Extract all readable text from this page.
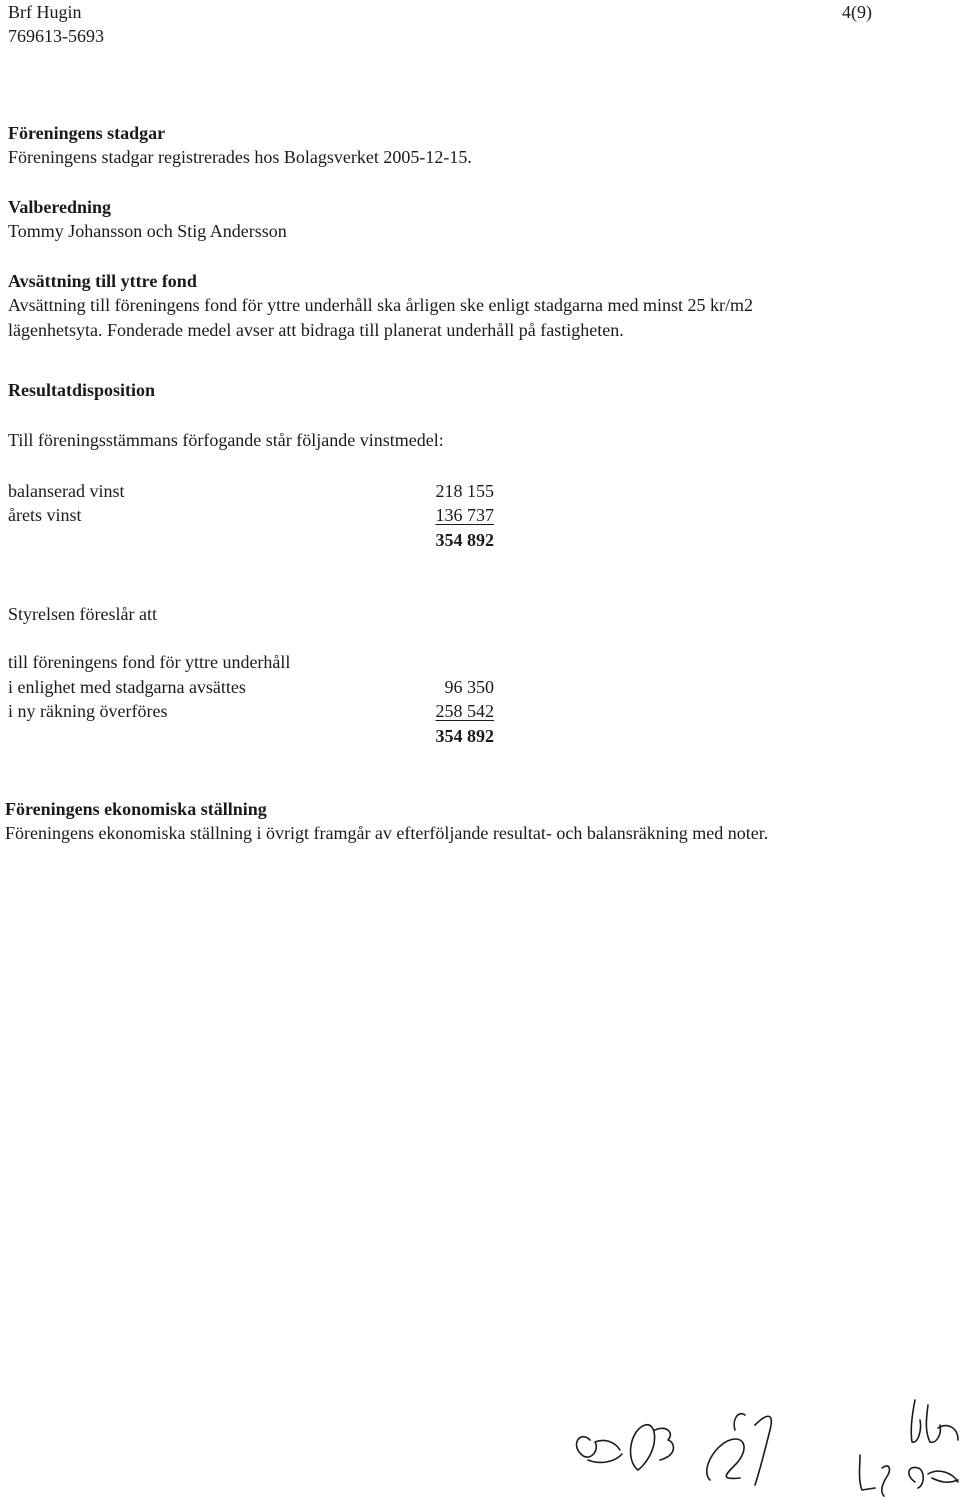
Brf Hugin
769613-5693
4(9)
Föreningens stadgar
Föreningens stadgar registrerades hos Bolagsverket 2005-12-15.
Valberedning
Tommy Johansson och Stig Andersson
Avsättning till yttre fond
Avsättning till föreningens fond för yttre underhåll ska årligen ske enligt stadgarna med minst 25 kr/m2
lägenhetsyta. Fonderade medel avser att bidraga till planerat underhåll på fastigheten.
Resultatdisposition
Till föreningsstämmans förfogande står följande vinstmedel:
balanserad vinst	218 155
årets vinst	136 737
354 892
Styrelsen föreslår att
till föreningens fond för yttre underhåll
i enlighet med stadgarna avsättes	96 350
i ny räkning överföres	258 542
354 892
Föreningens ekonomiska ställning
Föreningens ekonomiska ställning i övrigt framgår av efterföljande resultat- och balansräkning med noter.
